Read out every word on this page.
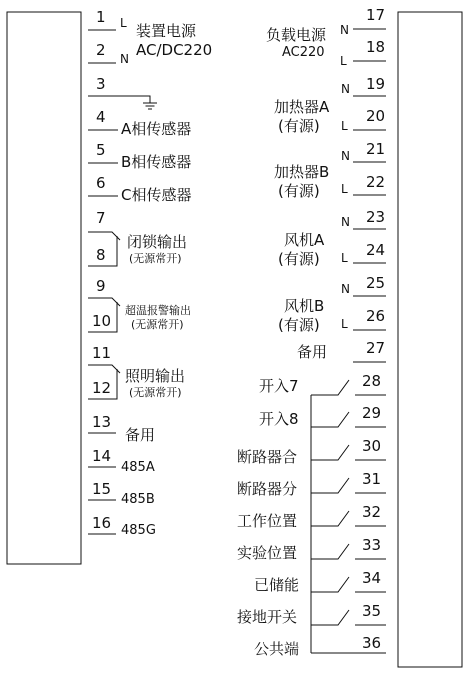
1 L 装置电源
2 N AC/DC220
3
4
A相传感器
5
B相传感器
6
C相传感器
7
8
闭锁输出
(无源常开)
9
10
超温报警输出
(无源常开)
11
12
照明输出
(无源常开)
13
备用
14
485A
15
485B
16 485G
17
N
负载电源
18
L
AC220
19
N
20
L
加热器A
(有源)
21
N
22
L
加热器B
(有源)
23
N
24
L
风机A
(有源)
25
N
26
L
风机B
(有源)
27
备用
28
开入7
29
开入8
30
断路器合
31
断路器分
32
工作位置
33
实验位置
34
已储能
35
接地开关
36
公共端
